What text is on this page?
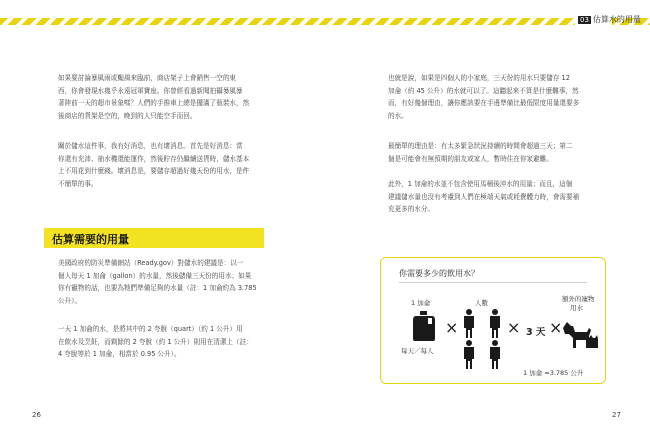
03 估算水的用量
如果要討論暴風雨或颱風來臨前，商店架子上會銷售一空的東
西，你會發現水幾乎永遠冠軍寶座。你曾經看過新聞拍攝暴風暴
著陸前一天的超市景象嗎？人們的手推車上總是擺滿了瓶裝水，然
後商店的貨架是空的，晚到的人只能空手而回。
關於儲水這件事，我有好消息，也有壞消息。首先是好消息：當
你還有充沛、抽水機還能運作，然後貯存仍繼續送貨時，儲水基本
上不用花到什麼錢。壞消息是，要儲存超過好幾天份的用水，是件
不簡單的事。
估算需要的用量
美國政府的防災準備網站（Ready.gov）對儲水的建議是：以一
個人每天 1 加侖（gallon）的水量，然後儲備三天份的用水；如果
你有寵物的話，也要為牠們準備足夠的水量（註：1 加侖約為 3.785
公升）。
一天 1 加侖的水，是將其中的 2 夸脫（quart）（約 1 公升）用
在飲水及烹飪，而剩餘的 2 夸脫（約 1 公升）則用在清潔上（註：
4 夸脫等於 1 加侖，相當於 0.95 公升）。
26
也就是說，如果是四個人的小家庭，三天份的用水只要儲存 12
加侖（約 45 公升）的水就可以了。這聽起來不算是什麼難事，然
而，有好幾個理由，讓你應該要在手邊準備比最低限度用量還要多
的水。
最簡單的理由是：有太多緊急狀況持續的時間會超過三天；第二
個是可能會有無預期的朋友或家人，暫時住在你家避難。
此外，1 加侖的水並不包含使用馬桶後沖水的用量；而且，這個
建議儲水量也沒有考慮到人們在極端天氣或耗費體力時，會需要補
充更多的水分。
你需要多少的飲用水？
1 加侖
每天／每人
×
人數
× 3 天 ×
額外的寵物
用水
1 加侖 ≈3.785 公升
27
